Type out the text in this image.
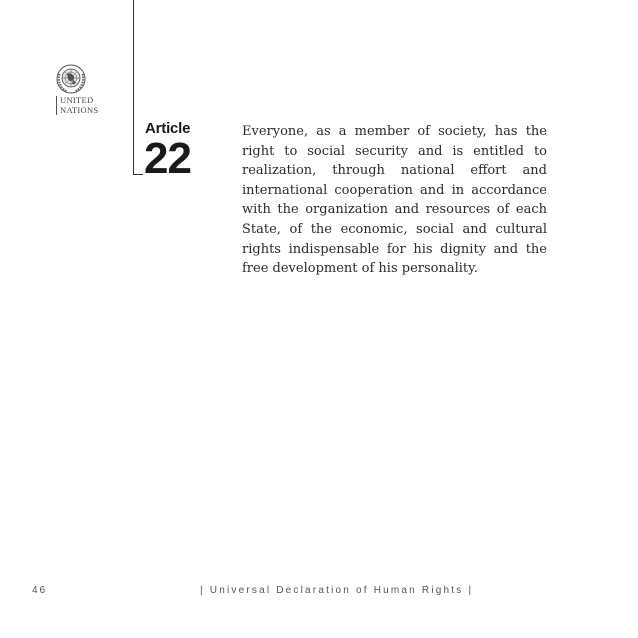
UNITED
NATIONS
Article
22

Everyone, as a member of society, has the right to social security and is entitled to realization, through national effort and international cooperation and in accordance with the organization and resources of each State, of the economic, social and cultural rights indispensable for his dignity and the free development of his personality.

46	| Universal Declaration of Human Rights |
